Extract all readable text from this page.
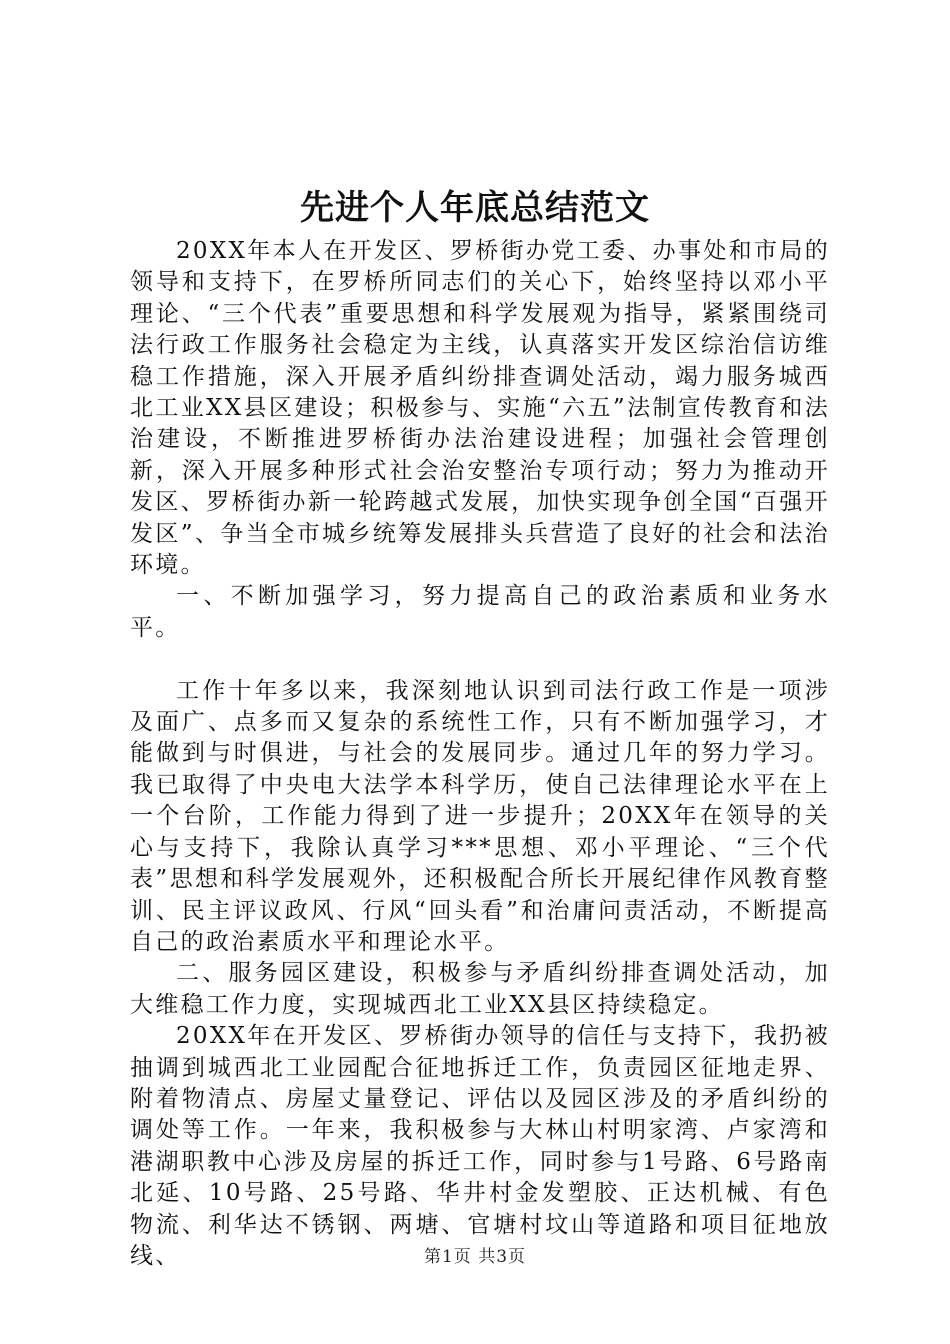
先进个人年底总结范文

20XX年本人在开发区、罗桥街办党工委、办事处和市局的领导和支持下，在罗桥所同志们的关心下，始终坚持以邓小平理论、“三个代表”重要思想和科学发展观为指导，紧紧围绕司法行政工作服务社会稳定为主线，认真落实开发区综治信访维稳工作措施，深入开展矛盾纠纷排查调处活动，竭力服务城西北工业XX县区建设；积极参与、实施“六五”法制宣传教育和法治建设，不断推进罗桥街办法治建设进程；加强社会管理创新，深入开展多种形式社会治安整治专项行动；努力为推动开发区、罗桥街办新一轮跨越式发展，加快实现争创全国“百强开发区”、争当全市城乡统筹发展排头兵营造了良好的社会和法治环境。

一、不断加强学习，努力提高自己的政治素质和业务水平。

工作十年多以来，我深刻地认识到司法行政工作是一项涉及面广、点多而又复杂的系统性工作，只有不断加强学习，才能做到与时俱进，与社会的发展同步。通过几年的努力学习。我已取得了中央电大法学本科学历，使自己法律理论水平在上一个台阶，工作能力得到了进一步提升；20XX年在领导的关心与支持下，我除认真学习***思想、邓小平理论、“三个代表”思想和科学发展观外，还积极配合所长开展纪律作风教育整训、民主评议政风、行风“回头看”和治庸问责活动，不断提高自己的政治素质水平和理论水平。

二、服务园区建设，积极参与矛盾纠纷排查调处活动，加大维稳工作力度，实现城西北工业XX县区持续稳定。

20XX年在开发区、罗桥街办领导的信任与支持下，我扔被抽调到城西北工业园配合征地拆迁工作，负责园区征地走界、附着物清点、房屋丈量登记、评估以及园区涉及的矛盾纠纷的调处等工作。一年来，我积极参与大林山村明家湾、卢家湾和港湖职教中心涉及房屋的拆迁工作，同时参与1号路、6号路南北延、10号路、25号路、华井村金发塑胶、正达机械、有色物流、利华达不锈钢、两塘、官塘村坟山等道路和项目征地放线、	第1页 共3页
